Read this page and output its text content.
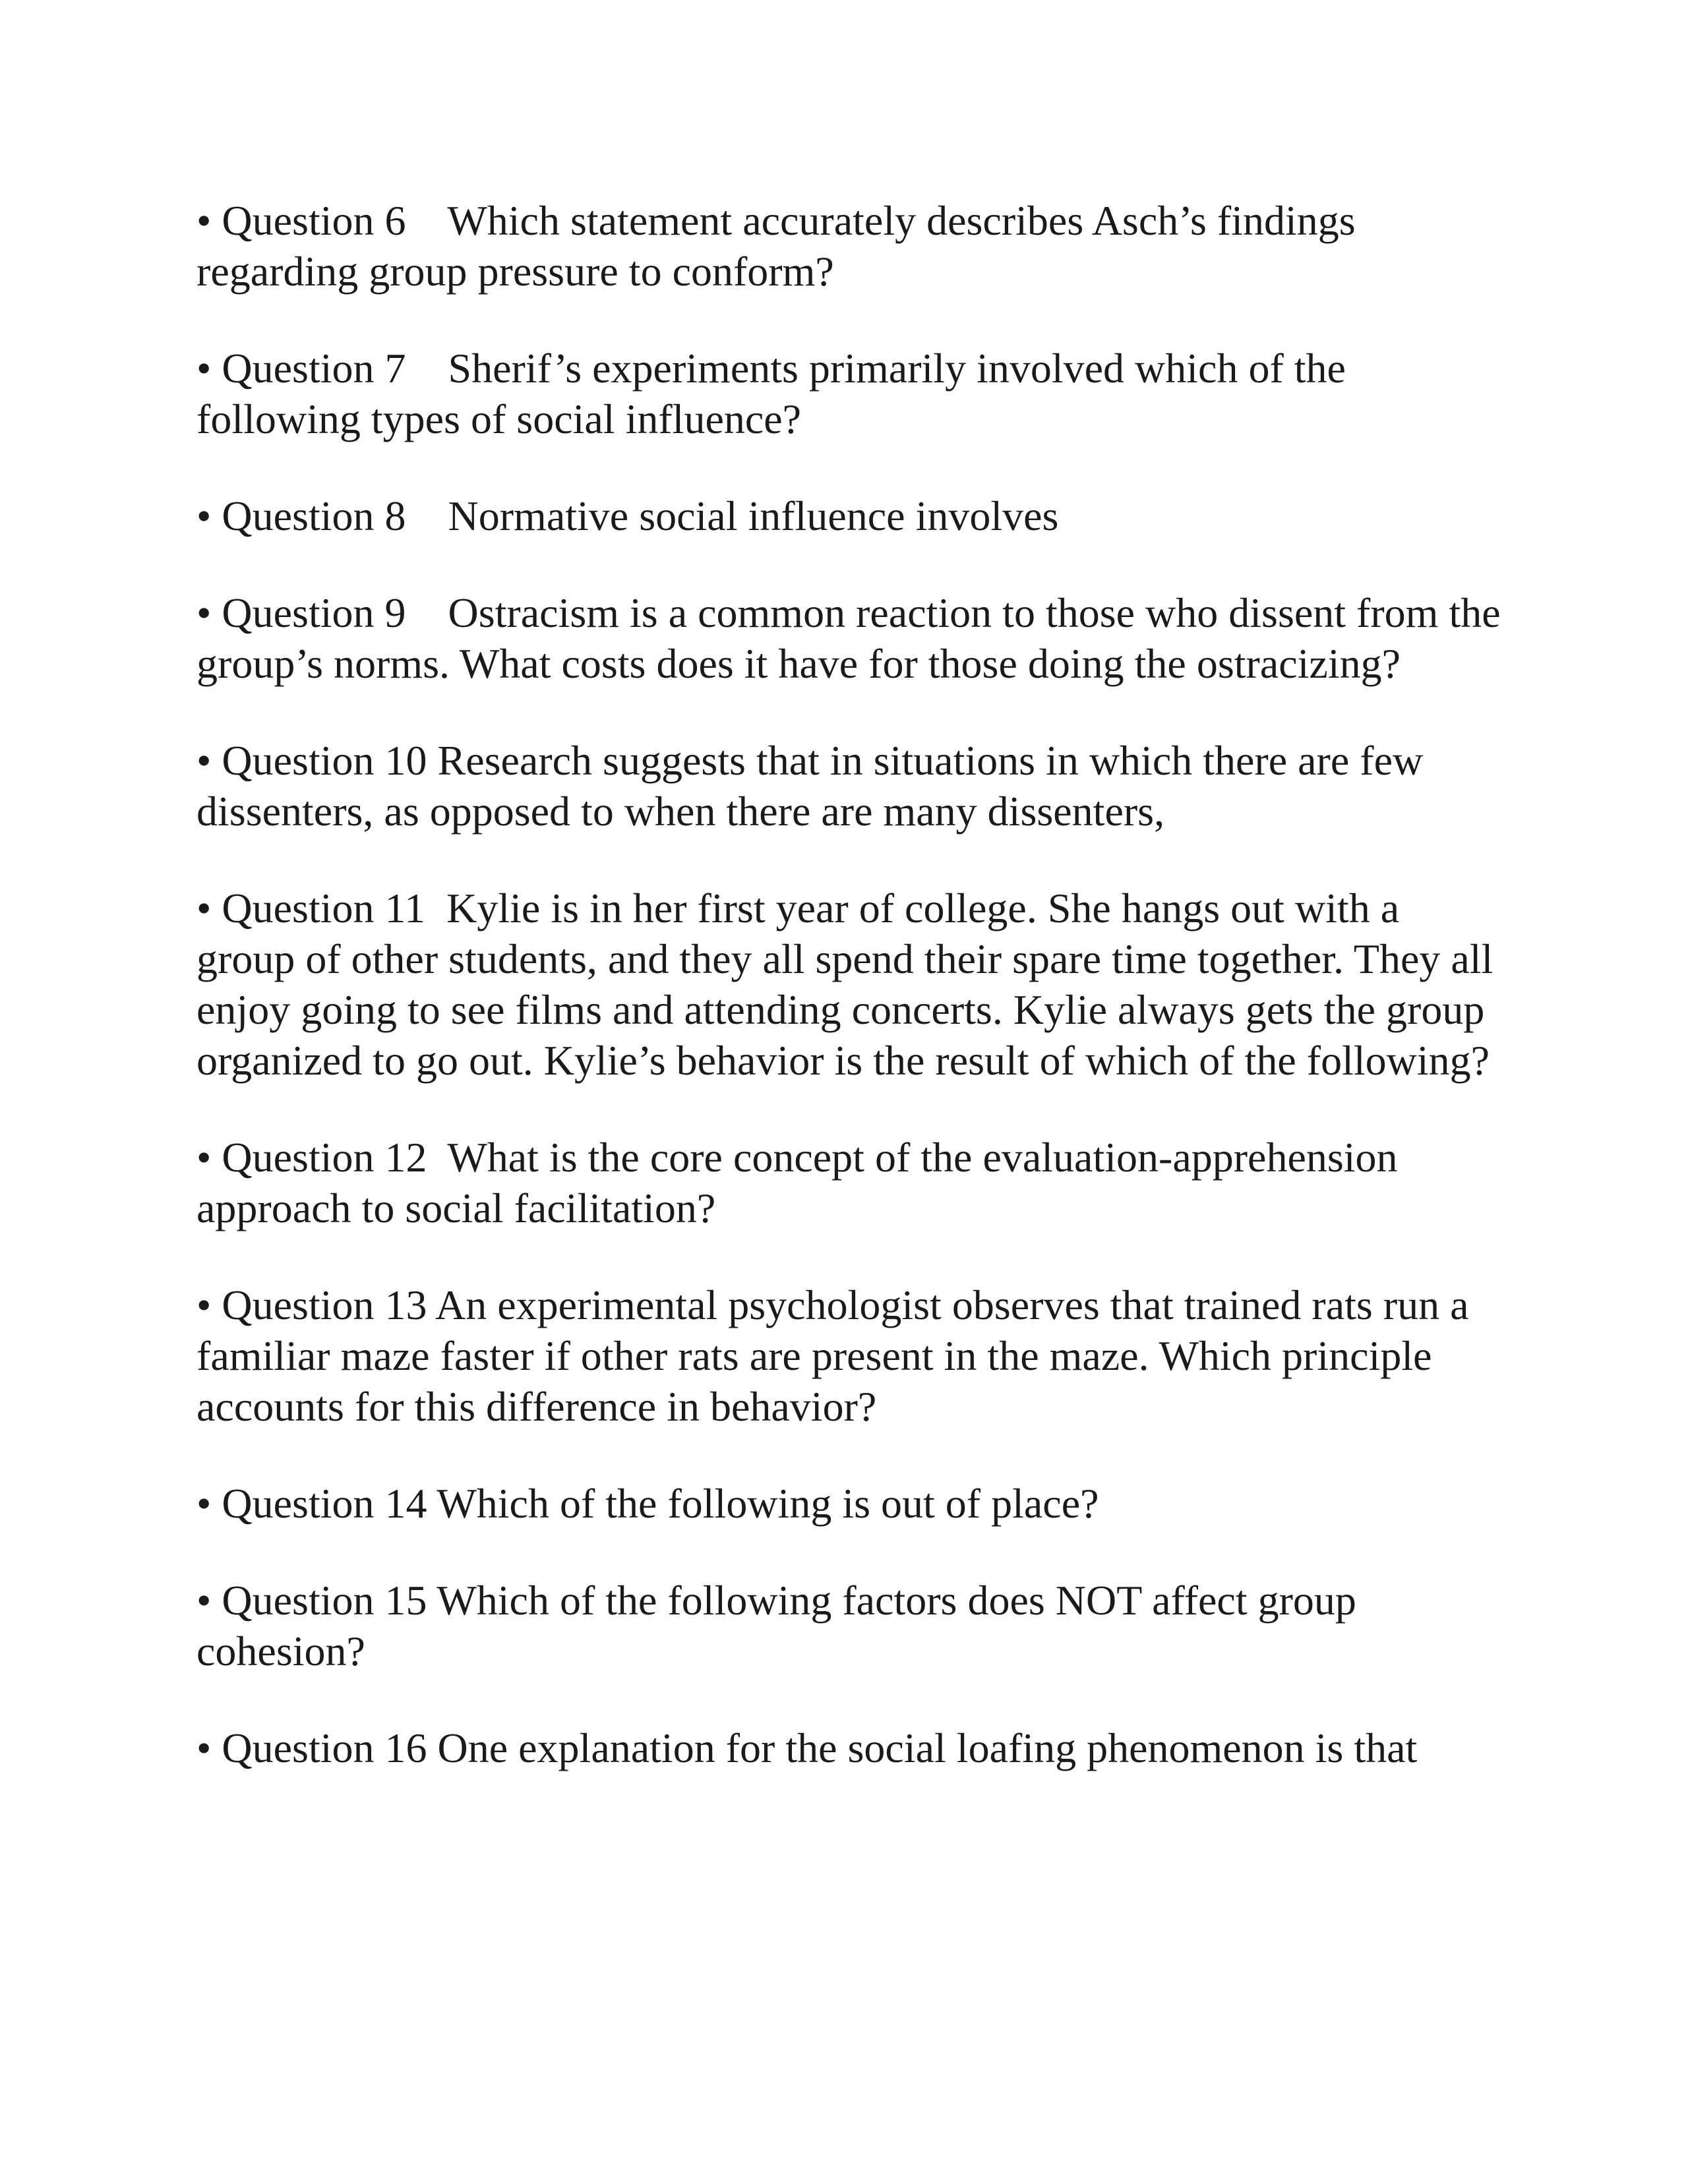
• Question 6 Which statement accurately describes Asch’s findings regarding group pressure to conform?

• Question 7 Sherif’s experiments primarily involved which of the following types of social influence?

• Question 8 Normative social influence involves

• Question 9 Ostracism is a common reaction to those who dissent from the group’s norms. What costs does it have for those doing the ostracizing?

• Question 10 Research suggests that in situations in which there are few dissenters, as opposed to when there are many dissenters,

• Question 11 Kylie is in her first year of college. She hangs out with a group of other students, and they all spend their spare time together. They all enjoy going to see films and attending concerts. Kylie always gets the group organized to go out. Kylie’s behavior is the result of which of the following?

• Question 12 What is the core concept of the evaluation-apprehension approach to social facilitation?

• Question 13 An experimental psychologist observes that trained rats run a familiar maze faster if other rats are present in the maze. Which principle accounts for this difference in behavior?

• Question 14 Which of the following is out of place?

• Question 15 Which of the following factors does NOT affect group cohesion?

• Question 16 One explanation for the social loafing phenomenon is that
